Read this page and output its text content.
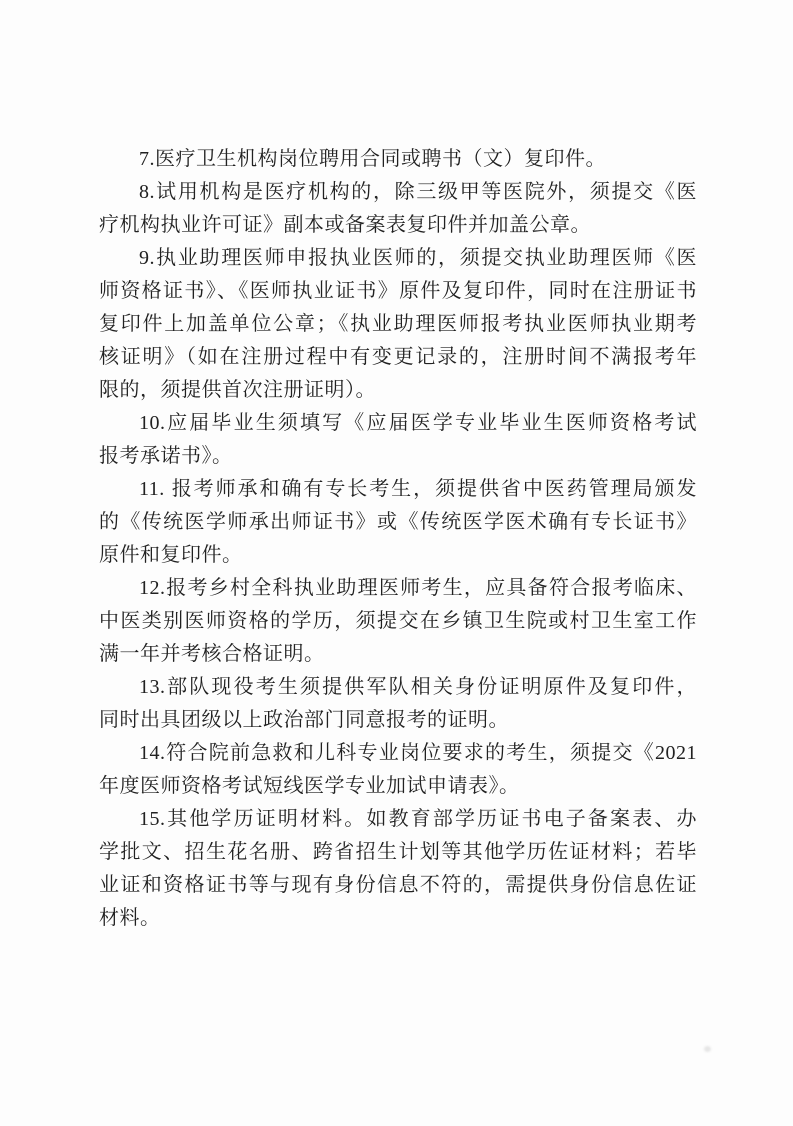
7.医疗卫生机构岗位聘用合同或聘书（文）复印件。
8.试用机构是医疗机构的，除三级甲等医院外，须提交《医
疗机构执业许可证》副本或备案表复印件并加盖公章。
9.执业助理医师申报执业医师的，须提交执业助理医师《医
师资格证书》、《医师执业证书》原件及复印件，同时在注册证书
复印件上加盖单位公章；《执业助理医师报考执业医师执业期考
核证明》（如在注册过程中有变更记录的，注册时间不满报考年
限的，须提供首次注册证明）。
10.应届毕业生须填写《应届医学专业毕业生医师资格考试
报考承诺书》。
11. 报考师承和确有专长考生，须提供省中医药管理局颁发
的《传统医学师承出师证书》或《传统医学医术确有专长证书》
原件和复印件。
12.报考乡村全科执业助理医师考生，应具备符合报考临床、
中医类别医师资格的学历，须提交在乡镇卫生院或村卫生室工作
满一年并考核合格证明。
13.部队现役考生须提供军队相关身份证明原件及复印件，
同时出具团级以上政治部门同意报考的证明。
14.符合院前急救和儿科专业岗位要求的考生，须提交《2021
年度医师资格考试短线医学专业加试申请表》。
15.其他学历证明材料。如教育部学历证书电子备案表、办
学批文、招生花名册、跨省招生计划等其他学历佐证材料；若毕
业证和资格证书等与现有身份信息不符的，需提供身份信息佐证
材料。
